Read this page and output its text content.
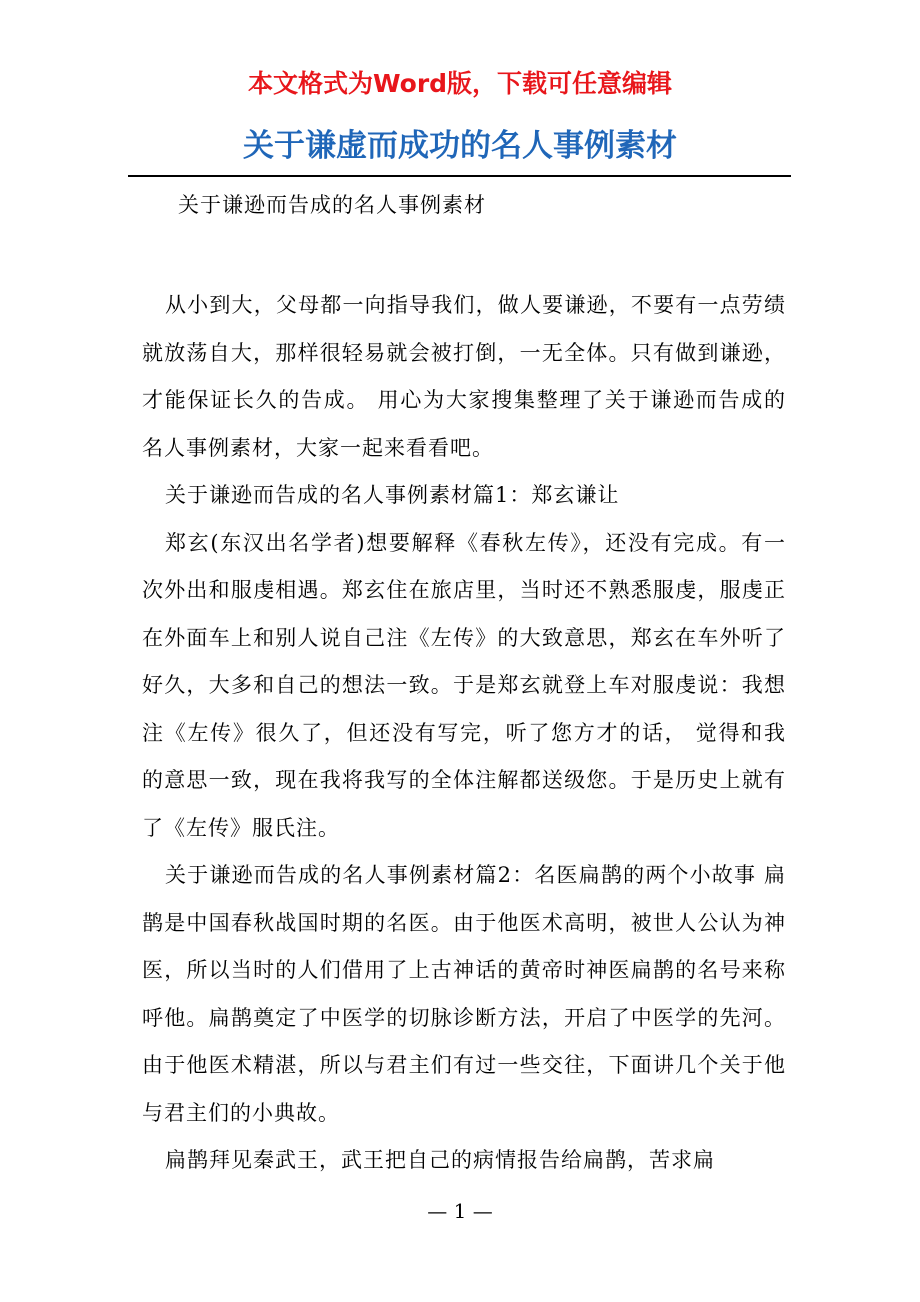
本文格式为Word版，下载可任意编辑
关于谦虚而成功的名人事例素材
关于谦逊而告成的名人事例素材

从小到大，父母都一向指导我们，做人要谦逊，不要有一点劳绩就放荡自大，那样很轻易就会被打倒，一无全体。只有做到谦逊，才能保证长久的告成。 用心为大家搜集整理了关于谦逊而告成的名人事例素材，大家一起来看看吧。

关于谦逊而告成的名人事例素材篇1：郑玄谦让

郑玄(东汉出名学者)想要解释《春秋左传》，还没有完成。有一次外出和服虔相遇。郑玄住在旅店里，当时还不熟悉服虔，服虔正在外面车上和别人说自己注《左传》的大致意思，郑玄在车外听了好久，大多和自己的想法一致。于是郑玄就登上车对服虔说：我想注《左传》很久了，但还没有写完，听了您方才的话， 觉得和我的意思一致，现在我将我写的全体注解都送级您。于是历史上就有了《左传》服氏注。

关于谦逊而告成的名人事例素材篇2：名医扁鹊的两个小故事 扁鹊是中国春秋战国时期的名医。由于他医术高明，被世人公认为神医，所以当时的人们借用了上古神话的黄帝时神医扁鹊的名号来称呼他。扁鹊奠定了中医学的切脉诊断方法，开启了中医学的先河。由于他医术精湛，所以与君主们有过一些交往，下面讲几个关于他与君主们的小典故。

扁鹊拜见秦武王，武王把自己的病情报告给扁鹊，苦求扁

— 1 —
